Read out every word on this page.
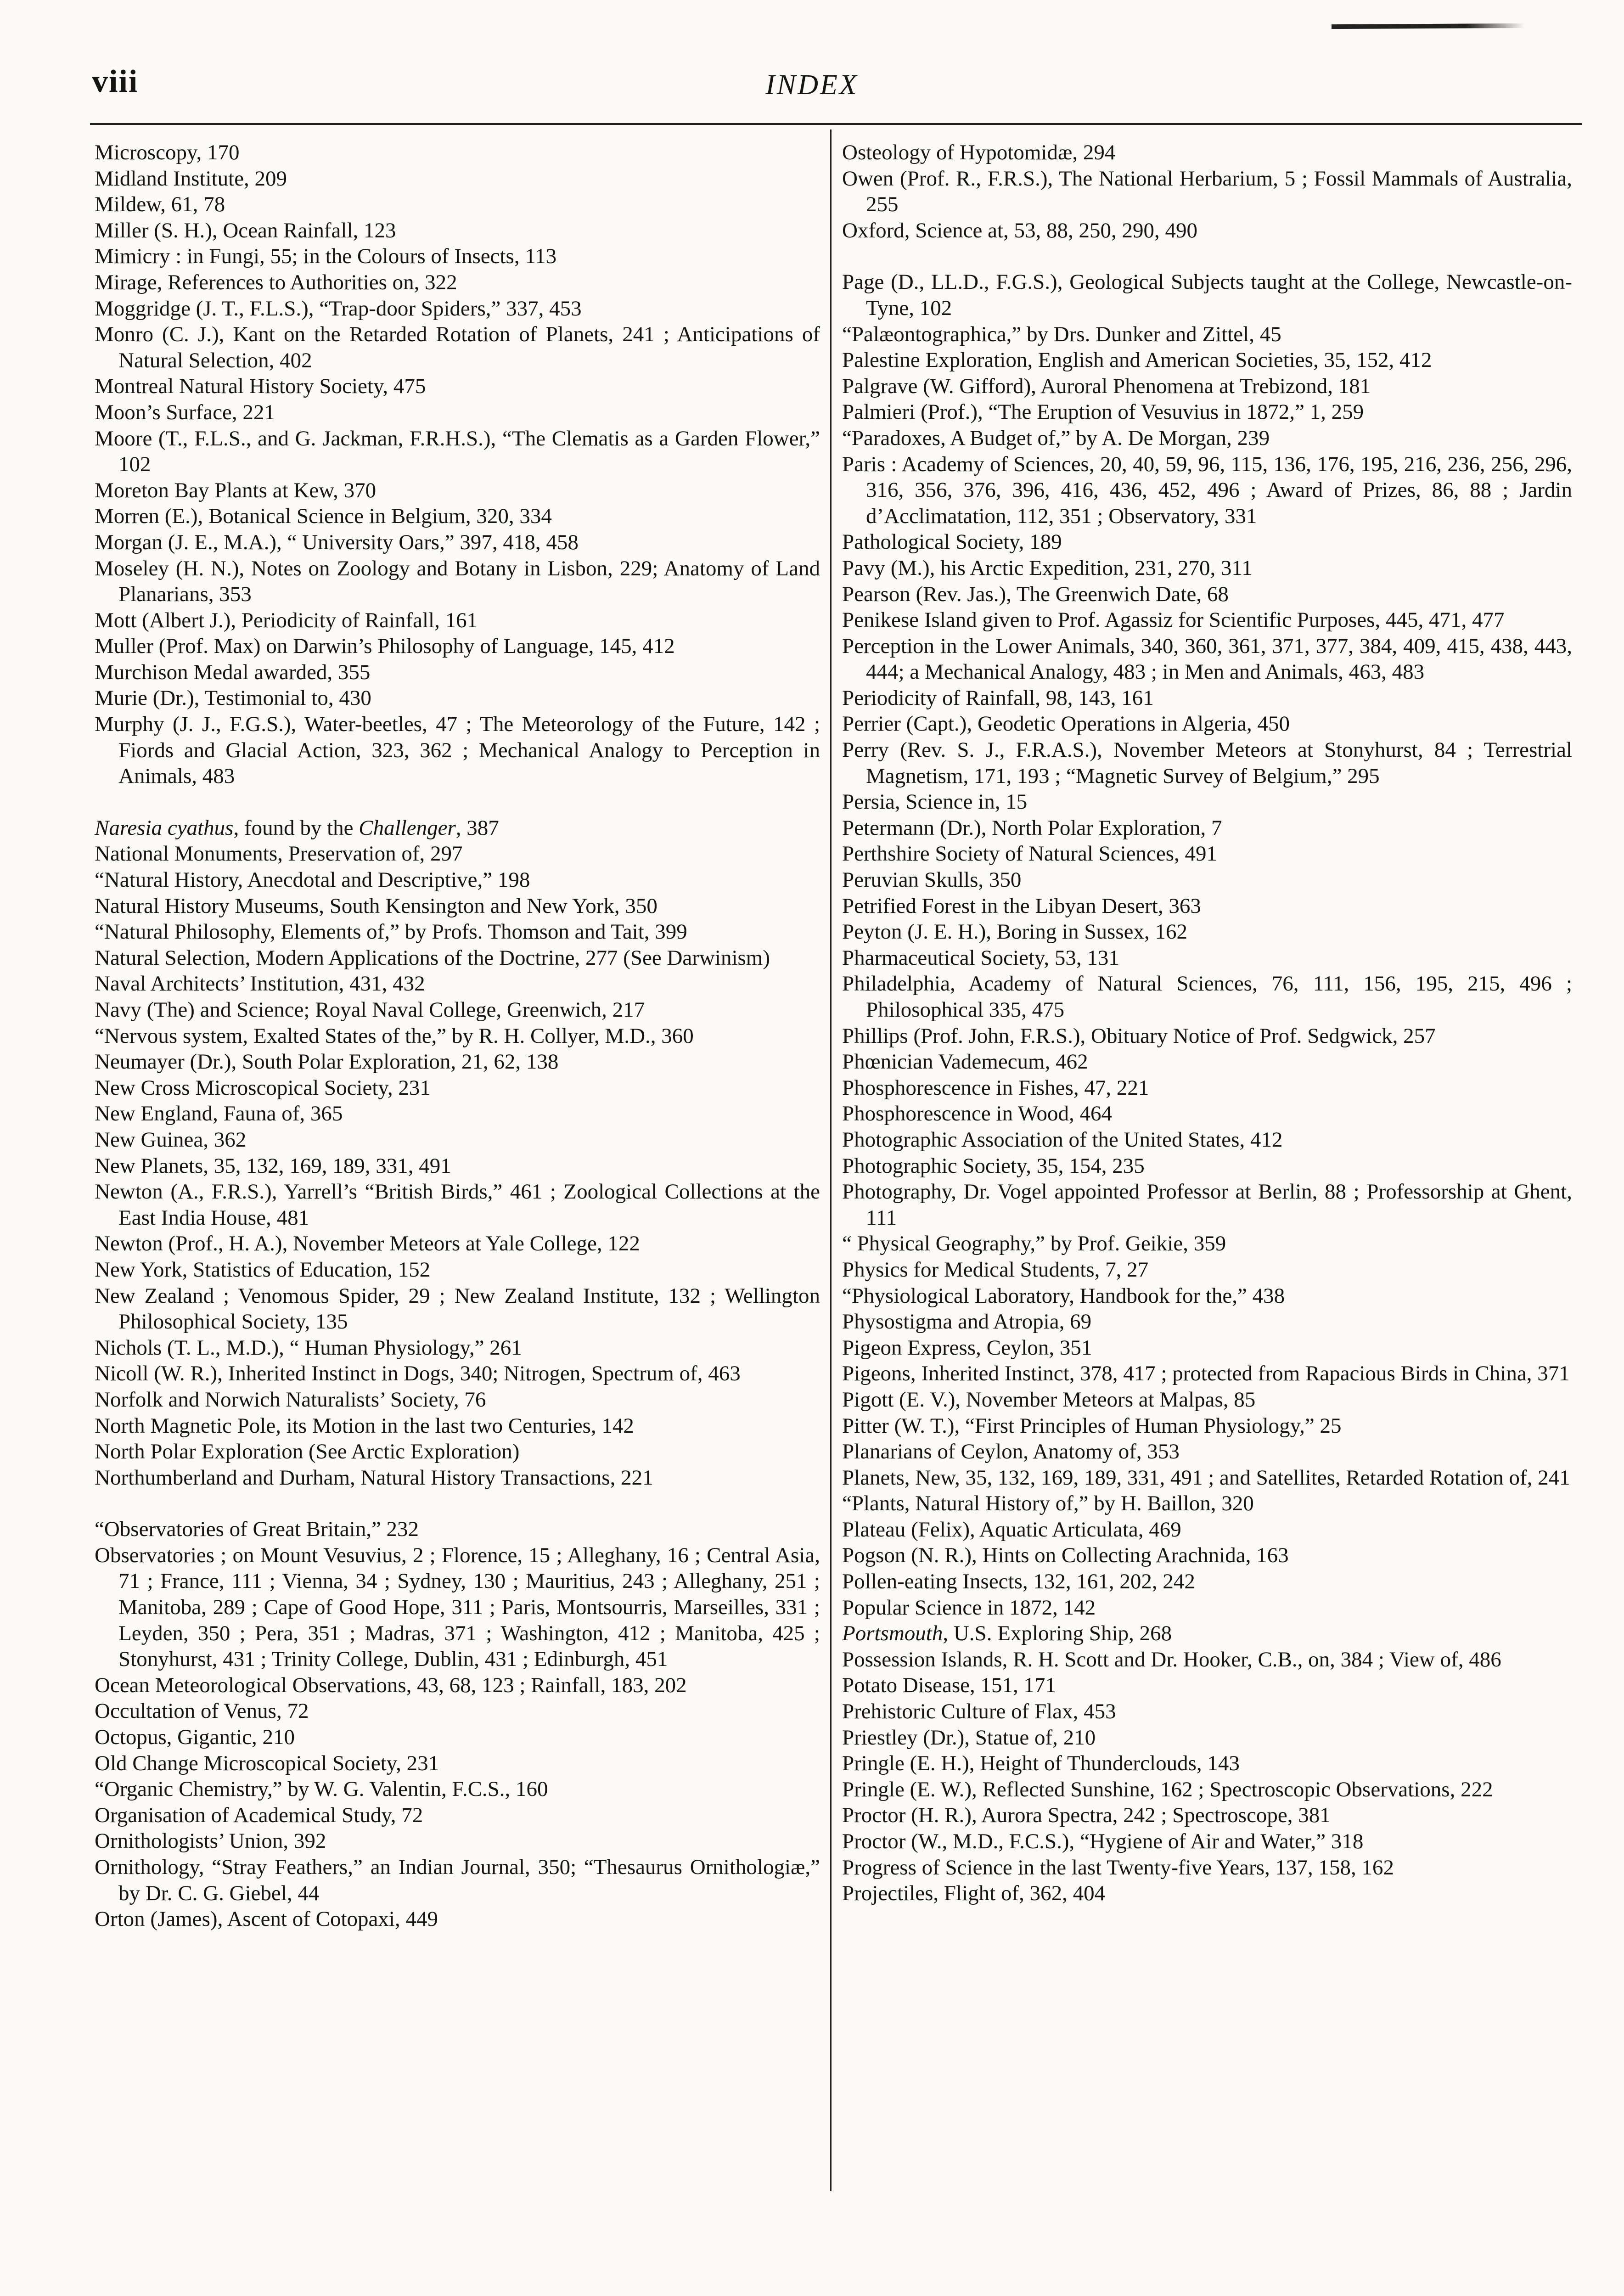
viii	INDEX
Microscopy, 170
Midland Institute, 209
Mildew, 61, 78
Miller (S. H.), Ocean Rainfall, 123
Mimicry : in Fungi, 55; in the Colours of Insects, 113
Mirage, References to Authorities on, 322
Moggridge (J. T., F.L.S.), “Trap-door Spiders,” 337, 453
Monro (C. J.), Kant on the Retarded Rotation of Planets, 241 ; Anticipations of Natural Selection, 402
Montreal Natural History Society, 475
Moon’s Surface, 221
Moore (T., F.L.S., and G. Jackman, F.R.H.S.), “The Clematis as a Garden Flower,” 102
Moreton Bay Plants at Kew, 370
Morren (E.), Botanical Science in Belgium, 320, 334
Morgan (J. E., M.A.), “ University Oars,” 397, 418, 458
Moseley (H. N.), Notes on Zoology and Botany in Lisbon, 229; Anatomy of Land Planarians, 353
Mott (Albert J.), Periodicity of Rainfall, 161
Muller (Prof. Max) on Darwin’s Philosophy of Language, 145, 412
Murchison Medal awarded, 355
Murie (Dr.), Testimonial to, 430
Murphy (J. J., F.G.S.), Water-beetles, 47 ; The Meteorology of the Future, 142 ; Fiords and Glacial Action, 323, 362 ; Mechanical Analogy to Perception in Animals, 483
Naresia cyathus, found by the Challenger, 387
National Monuments, Preservation of, 297
“Natural History, Anecdotal and Descriptive,” 198
Natural History Museums, South Kensington and New York, 350
“Natural Philosophy, Elements of,” by Profs. Thomson and Tait, 399
Natural Selection, Modern Applications of the Doctrine, 277 (See Darwinism)
Naval Architects’ Institution, 431, 432
Navy (The) and Science; Royal Naval College, Greenwich, 217
“Nervous system, Exalted States of the,” by R. H. Collyer, M.D., 360
Neumayer (Dr.), South Polar Exploration, 21, 62, 138
New Cross Microscopical Society, 231
New England, Fauna of, 365
New Guinea, 362
New Planets, 35, 132, 169, 189, 331, 491
Newton (A., F.R.S.), Yarrell’s “British Birds,” 461 ; Zoological Collections at the East India House, 481
Newton (Prof., H. A.), November Meteors at Yale College, 122
New York, Statistics of Education, 152
New Zealand ; Venomous Spider, 29 ; New Zealand Institute, 132 ; Wellington Philosophical Society, 135
Nichols (T. L., M.D.), “ Human Physiology,” 261
Nicoll (W. R.), Inherited Instinct in Dogs, 340; Nitrogen, Spectrum of, 463
Norfolk and Norwich Naturalists’ Society, 76
North Magnetic Pole, its Motion in the last two Centuries, 142
North Polar Exploration (See Arctic Exploration)
Northumberland and Durham, Natural History Transactions, 221
“Observatories of Great Britain,” 232
Observatories ; on Mount Vesuvius, 2 ; Florence, 15 ; Alleghany, 16 ; Central Asia, 71 ; France, 111 ; Vienna, 34 ; Sydney, 130 ; Mauritius, 243 ; Alleghany, 251 ; Manitoba, 289 ; Cape of Good Hope, 311 ; Paris, Montsourris, Marseilles, 331 ; Leyden, 350 ; Pera, 351 ; Madras, 371 ; Washington, 412 ; Manitoba, 425 ; Stonyhurst, 431 ; Trinity College, Dublin, 431 ; Edinburgh, 451
Ocean Meteorological Observations, 43, 68, 123 ; Rainfall, 183, 202
Occultation of Venus, 72
Octopus, Gigantic, 210
Old Change Microscopical Society, 231
“Organic Chemistry,” by W. G. Valentin, F.C.S., 160
Organisation of Academical Study, 72
Ornithologists’ Union, 392
Ornithology, “Stray Feathers,” an Indian Journal, 350; “Thesaurus Ornithologiæ,” by Dr. C. G. Giebel, 44
Orton (James), Ascent of Cotopaxi, 449
Osteology of Hypotomidæ, 294
Owen (Prof. R., F.R.S.), The National Herbarium, 5 ; Fossil Mammals of Australia, 255
Oxford, Science at, 53, 88, 250, 290, 490
Page (D., LL.D., F.G.S.), Geological Subjects taught at the College, Newcastle-on-Tyne, 102
“Palæontographica,” by Drs. Dunker and Zittel, 45
Palestine Exploration, English and American Societies, 35, 152, 412
Palgrave (W. Gifford), Auroral Phenomena at Trebizond, 181
Palmieri (Prof.), “The Eruption of Vesuvius in 1872,” 1, 259
“Paradoxes, A Budget of,” by A. De Morgan, 239
Paris : Academy of Sciences, 20, 40, 59, 96, 115, 136, 176, 195, 216, 236, 256, 296, 316, 356, 376, 396, 416, 436, 452, 496 ; Award of Prizes, 86, 88 ; Jardin d’Acclimatation, 112, 351 ; Observatory, 331
Pathological Society, 189
Pavy (M.), his Arctic Expedition, 231, 270, 311
Pearson (Rev. Jas.), The Greenwich Date, 68
Penikese Island given to Prof. Agassiz for Scientific Purposes, 445, 471, 477
Perception in the Lower Animals, 340, 360, 361, 371, 377, 384, 409, 415, 438, 443, 444; a Mechanical Analogy, 483 ; in Men and Animals, 463, 483
Periodicity of Rainfall, 98, 143, 161
Perrier (Capt.), Geodetic Operations in Algeria, 450
Perry (Rev. S. J., F.R.A.S.), November Meteors at Stonyhurst, 84 ; Terrestrial Magnetism, 171, 193 ; “Magnetic Survey of Belgium,” 295
Persia, Science in, 15
Petermann (Dr.), North Polar Exploration, 7
Perthshire Society of Natural Sciences, 491
Peruvian Skulls, 350
Petrified Forest in the Libyan Desert, 363
Peyton (J. E. H.), Boring in Sussex, 162
Pharmaceutical Society, 53, 131
Philadelphia, Academy of Natural Sciences, 76, 111, 156, 195, 215, 496 ; Philosophical 335, 475
Phillips (Prof. John, F.R.S.), Obituary Notice of Prof. Sedgwick, 257
Phœnician Vademecum, 462
Phosphorescence in Fishes, 47, 221
Phosphorescence in Wood, 464
Photographic Association of the United States, 412
Photographic Society, 35, 154, 235
Photography, Dr. Vogel appointed Professor at Berlin, 88 ; Professorship at Ghent, 111
“ Physical Geography,” by Prof. Geikie, 359
Physics for Medical Students, 7, 27
“Physiological Laboratory, Handbook for the,” 438
Physostigma and Atropia, 69
Pigeon Express, Ceylon, 351
Pigeons, Inherited Instinct, 378, 417 ; protected from Rapacious Birds in China, 371
Pigott (E. V.), November Meteors at Malpas, 85
Pitter (W. T.), “First Principles of Human Physiology,” 25
Planarians of Ceylon, Anatomy of, 353
Planets, New, 35, 132, 169, 189, 331, 491 ; and Satellites, Retarded Rotation of, 241
“Plants, Natural History of,” by H. Baillon, 320
Plateau (Felix), Aquatic Articulata, 469
Pogson (N. R.), Hints on Collecting Arachnida, 163
Pollen-eating Insects, 132, 161, 202, 242
Popular Science in 1872, 142
Portsmouth, U.S. Exploring Ship, 268
Possession Islands, R. H. Scott and Dr. Hooker, C.B., on, 384 ; View of, 486
Potato Disease, 151, 171
Prehistoric Culture of Flax, 453
Priestley (Dr.), Statue of, 210
Pringle (E. H.), Height of Thunderclouds, 143
Pringle (E. W.), Reflected Sunshine, 162 ; Spectroscopic Observations, 222
Proctor (H. R.), Aurora Spectra, 242 ; Spectroscope, 381
Proctor (W., M.D., F.C.S.), “Hygiene of Air and Water,” 318
Progress of Science in the last Twenty-five Years, 137, 158, 162
Projectiles, Flight of, 362, 404
